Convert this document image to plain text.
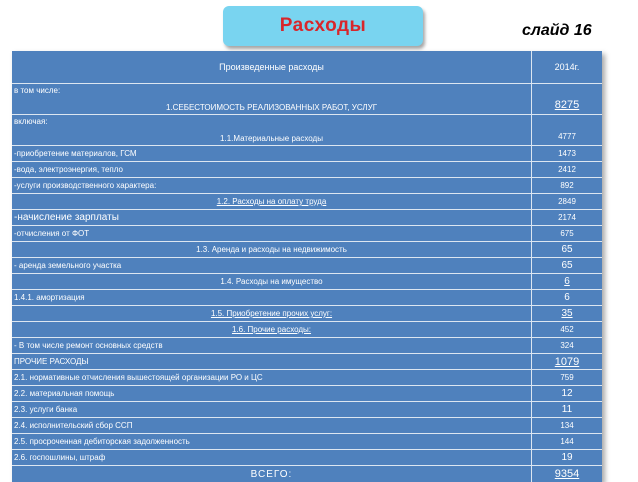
Расходы	слайд 16
Произведенные расходы	2014г.
в том числе:
1.СЕБЕСТОИМОСТЬ РЕАЛИЗОВАННЫХ РАБОТ, УСЛУГ	8275
включая:
1.1.Материальные расходы	4777
-приобретение материалов, ГСМ	1473
-вода, электроэнергия, тепло	2412
-услуги производственного характера:	892
1.2. Расходы на оплату труда	2849
-начисление зарплаты	2174
-отчисления от ФОТ	675
1.3. Аренда и расходы на недвижимость	65
- аренда земельного участка	65
1.4. Расходы на имущество	6
1.4.1. амортизация	6
1.5. Приобретение прочих услуг:	35
1.6. Прочие расходы:	452
- В том числе ремонт основных средств	324
ПРОЧИЕ РАСХОДЫ	1079
2.1. нормативные отчисления вышестоящей организации РО и ЦС	759
2.2. материальная помощь	12
2.3. услуги банка	11
2.4. исполнительский сбор ССП	134
2.5. просроченная дебиторская задолженность	144
2.6. госпошлины, штраф	19
ВСЕГО:	9354
